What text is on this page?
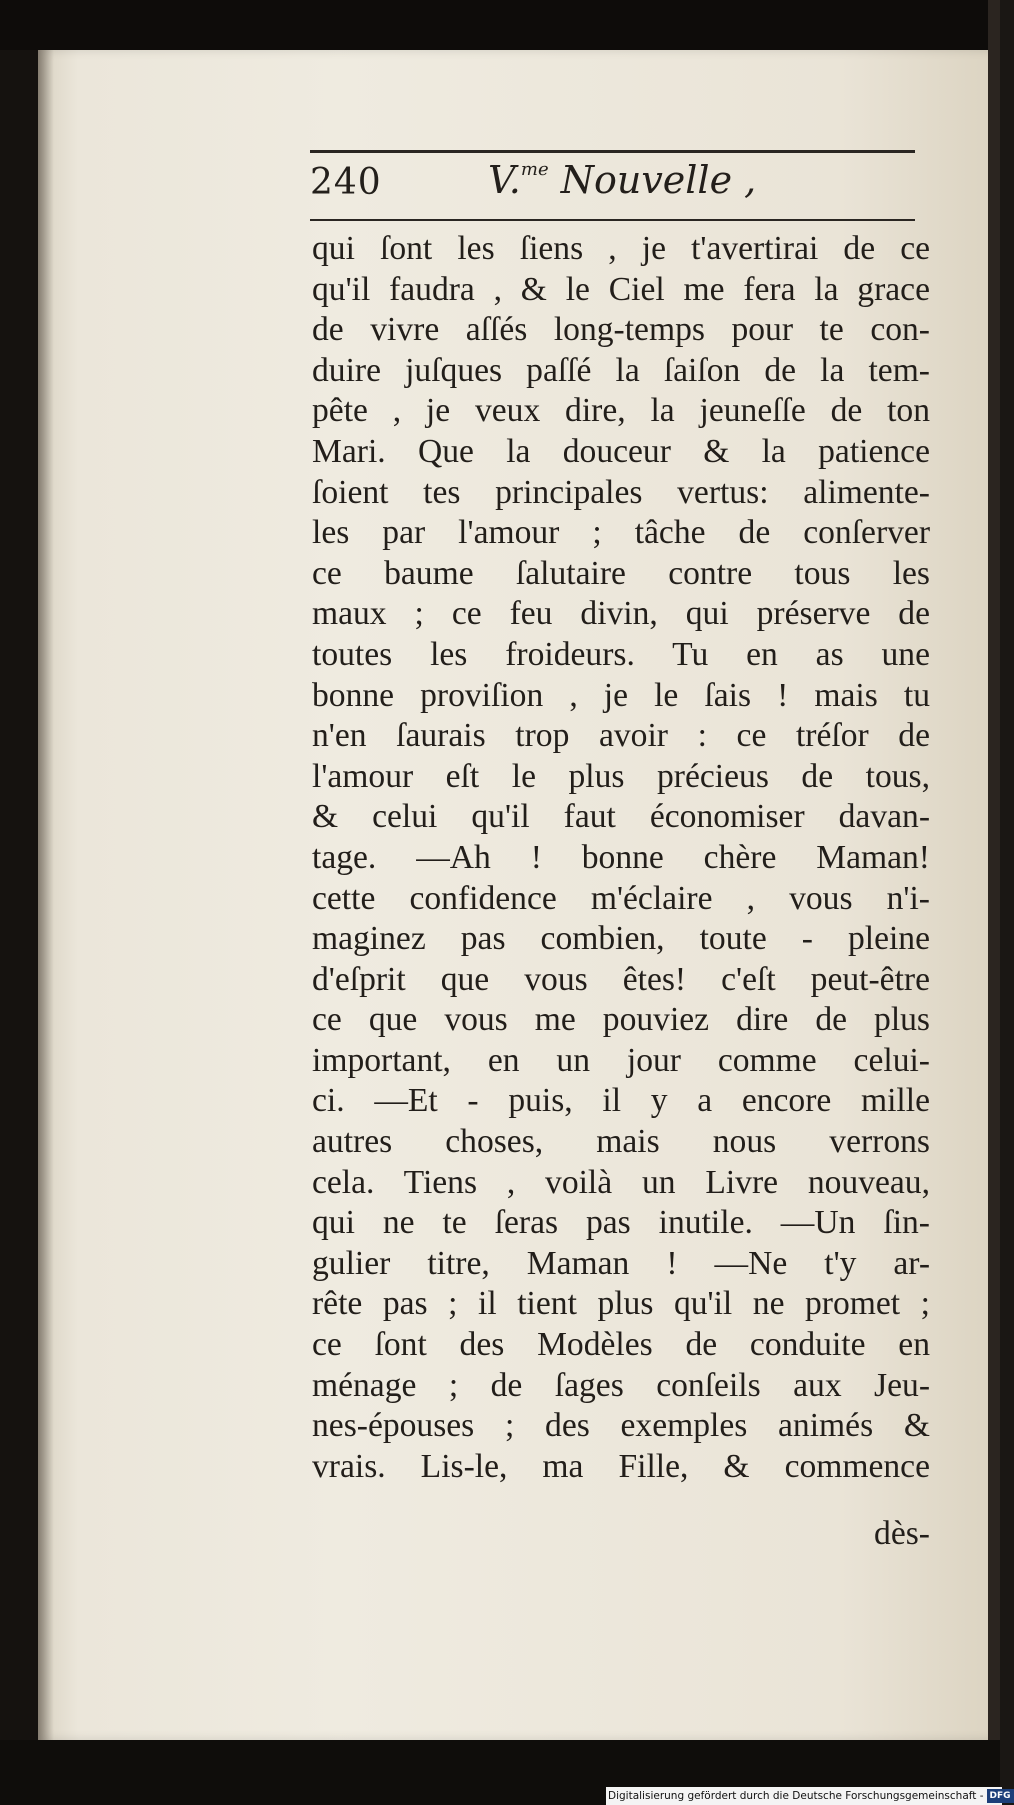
240	V.$^{me}$ Nouvelle ,
qui ſont les ſiens , je t'avertirai de ce
qu'il faudra , & le Ciel me fera la grace
de vivre aſſés long-temps pour te con-
duire juſques paſſé la ſaiſon de la tem-
pête , je veux dire, la jeuneſſe de ton
Mari. Que la douceur & la patience
ſoient tes principales vertus: alimente-
les par l'amour ; tâche de conſerver
ce baume ſalutaire contre tous les
maux ; ce feu divin, qui préserve de
toutes les froideurs. Tu en as une
bonne proviſion , je le ſais ! mais tu
n'en ſaurais trop avoir : ce tréſor de
l'amour eſt le plus précieus de tous,
& celui qu'il faut économiser davan-
tage. —Ah ! bonne chère Maman!
cette confidence m'éclaire , vous n'i-
maginez pas combien, toute - pleine
d'eſprit que vous êtes! c'eſt peut-être
ce que vous me pouviez dire de plus
important, en un jour comme celui-
ci. —Et - puis, il y a encore mille
autres choses, mais nous verrons
cela. Tiens , voilà un Livre nouveau,
qui ne te ſeras pas inutile. —Un ſin-
gulier titre, Maman ! —Ne t'y ar-
rête pas ; il tient plus qu'il ne promet ;
ce ſont des Modèles de conduite en
ménage ; de ſages conſeils aux Jeu-
nes-épouses ; des exemples animés &
vrais. Lis-le, ma Fille, & commence
dès-
Digitalisierung gefördert durch die Deutsche Forschungsgemeinschaft - DFG
